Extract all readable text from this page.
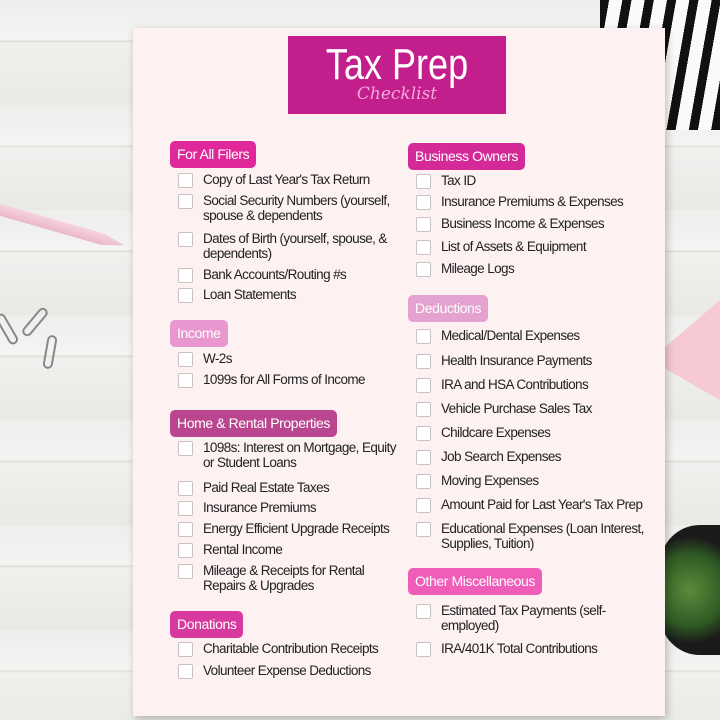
Tax Prep
Checklist
For All Filers
Copy of Last Year's Tax Return
Social Security Numbers (yourself, spouse & dependents
Dates of Birth (yourself, spouse, & dependents)
Bank Accounts/Routing #s
Loan Statements
Income
W-2s
1099s for All Forms of Income
Home & Rental Properties
1098s: Interest on Mortgage, Equity or Student Loans
Paid Real Estate Taxes
Insurance Premiums
Energy Efficient Upgrade Receipts
Rental Income
Mileage & Receipts for Rental Repairs & Upgrades
Donations
Charitable Contribution Receipts
Volunteer Expense Deductions
Business Owners
Tax ID
Insurance Premiums & Expenses
Business Income & Expenses
List of Assets & Equipment
Mileage Logs
Deductions
Medical/Dental Expenses
Health Insurance Payments
IRA and HSA Contributions
Vehicle Purchase Sales Tax
Childcare Expenses
Job Search Expenses
Moving Expenses
Amount Paid for Last Year's Tax Prep
Educational Expenses (Loan Interest, Supplies, Tuition)
Other Miscellaneous
Estimated Tax Payments (self-employed)
IRA/401K Total Contributions
